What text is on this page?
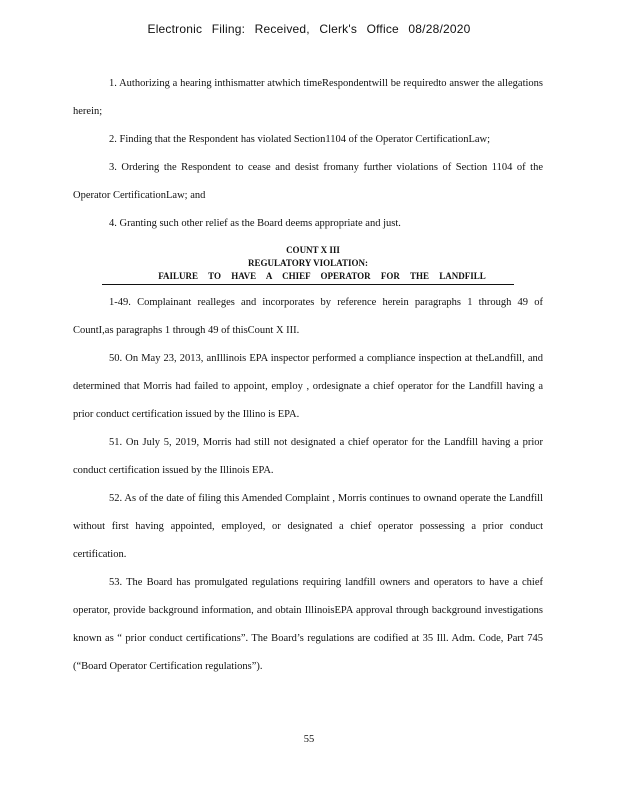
Electronic Filing: Received, Clerk's Office 08/28/2020

1. Authorizing a hearing inthismatter atwhich timeRespondentwill be requiredto answer the allegations herein;

2. Finding that the Respondent has violated Section1104 of the Operator CertificationLaw;

3. Ordering the Respondent to cease and desist fromany further violations of Section 1104 of the Operator CertificationLaw; and

4. Granting such other relief as the Board deems appropriate and just.

COUNT X III
REGULATORY VIOLATION:
FAILURE TO HAVE A CHIEF OPERATOR FOR THE LANDFILL

1-49. Complainant realleges and incorporates by reference herein paragraphs 1 through 49 of CountI,as paragraphs 1 through 49 of thisCount X III.

50. On May 23, 2013, anIllinois EPA inspector performed a compliance inspection at theLandfill, and determined that Morris had failed to appoint, employ , ordesignate a chief operator for the Landfill having a prior conduct certification issued by the Illino is EPA.

51. On July 5, 2019, Morris had still not designated a chief operator for the Landfill having a prior conduct certification issued by the Illinois EPA.

52. As of the date of filing this Amended Complaint , Morris continues to ownand operate the Landfill without first having appointed, employed, or designated a chief operator possessing a prior conduct certification.

53. The Board has promulgated regulations requiring landfill owners and operators to have a chief operator, provide background information, and obtain IllinoisEPA approval through background investigations known as “ prior conduct certifications”. The Board’s regulations are codified at 35 Ill. Adm. Code, Part 745 (“Board Operator Certification regulations”).

55
